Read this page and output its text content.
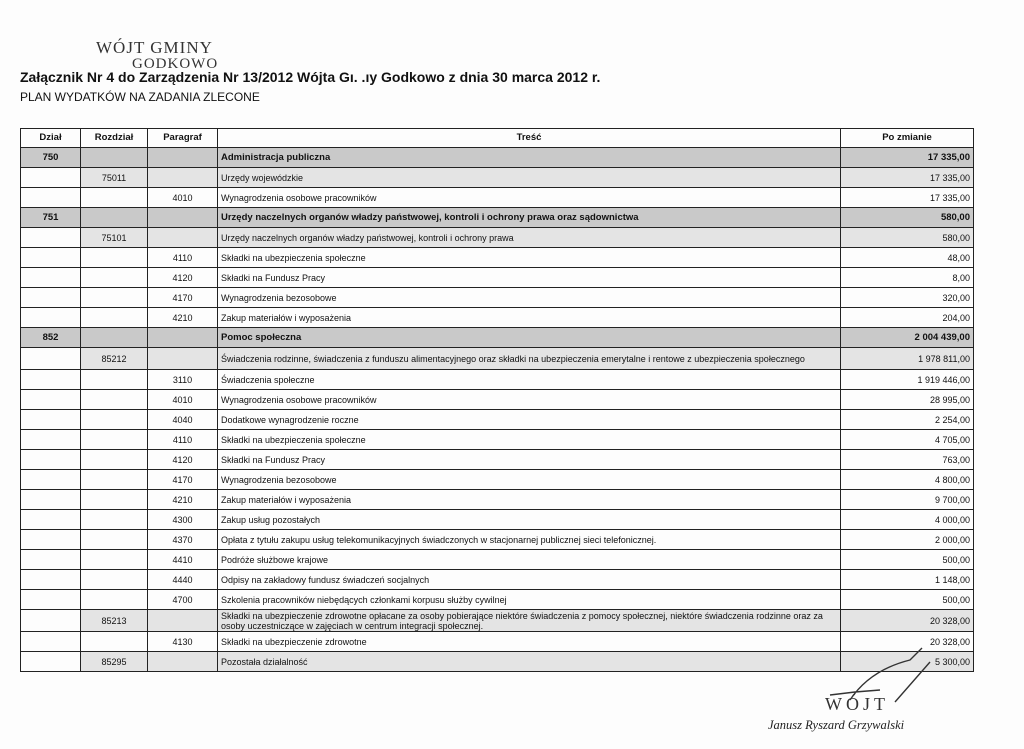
WÓJT GMINY
GODKOWO
Załącznik Nr 4 do Zarządzenia Nr 13/2012 Wójta Gı. .ıy Godkowo z dnia 30 marca 2012 r.
PLAN WYDATKÓW NA ZADANIA ZLECONE
Dział	Rozdział	Paragraf	Treść	Po zmianie
750			Administracja publiczna	17 335,00
	75011		Urzędy wojewódzkie	17 335,00
		4010	Wynagrodzenia osobowe pracowników	17 335,00
751			Urzędy naczelnych organów władzy państwowej, kontroli i ochrony prawa oraz sądownictwa	580,00
	75101		Urzędy naczelnych organów władzy państwowej, kontroli i ochrony prawa	580,00
		4110	Składki na ubezpieczenia społeczne	48,00
		4120	Składki na Fundusz Pracy	8,00
		4170	Wynagrodzenia bezosobowe	320,00
		4210	Zakup materiałów i wyposażenia	204,00
852			Pomoc społeczna	2 004 439,00
	85212		Świadczenia rodzinne, świadczenia z funduszu alimentacyjnego oraz składki na ubezpieczenia emerytalne i rentowe z ubezpieczenia społecznego	1 978 811,00
		3110	Świadczenia społeczne	1 919 446,00
		4010	Wynagrodzenia osobowe pracowników	28 995,00
		4040	Dodatkowe wynagrodzenie roczne	2 254,00
		4110	Składki na ubezpieczenia społeczne	4 705,00
		4120	Składki na Fundusz Pracy	763,00
		4170	Wynagrodzenia bezosobowe	4 800,00
		4210	Zakup materiałów i wyposażenia	9 700,00
		4300	Zakup usług pozostałych	4 000,00
		4370	Opłata z tytułu zakupu usług telekomunikacyjnych świadczonych w stacjonarnej publicznej sieci telefonicznej.	2 000,00
		4410	Podróże służbowe krajowe	500,00
		4440	Odpisy na zakładowy fundusz świadczeń socjalnych	1 148,00
		4700	Szkolenia pracowników niebędących członkami korpusu służby cywilnej	500,00
	85213		Składki na ubezpieczenie zdrowotne opłacane za osoby pobierające niektóre świadczenia z pomocy społecznej, niektóre świadczenia rodzinne oraz za osoby uczestniczące w zajęciach w centrum integracji społecznej.	20 328,00
		4130	Składki na ubezpieczenie zdrowotne	20 328,00
	85295		Pozostała działalność	5 300,00
WÓJT
Janusz Ryszard Grzywalski
